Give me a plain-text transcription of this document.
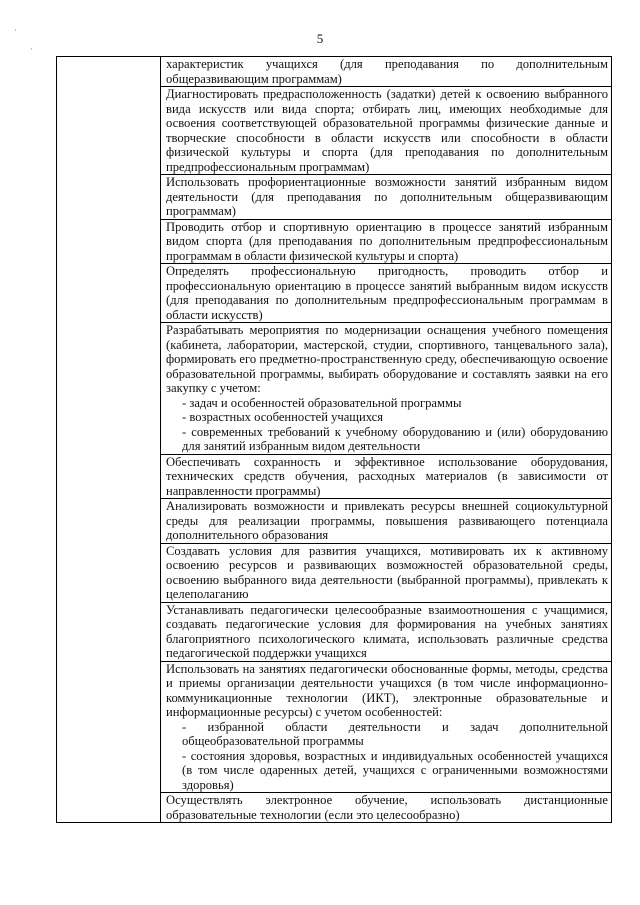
·
·
5
	характеристик учащихся (для преподавания по дополнительным общеразвивающим программам)
Диагностировать предрасположенность (задатки) детей к освоению выбранного вида искусств или вида спорта; отбирать лиц, имеющих необходимые для освоения соответствующей образовательной программы физические данные и творческие способности в области искусств или способности в области физической культуры и спорта (для преподавания по дополнительным предпрофессиональным программам)
Использовать профориентационные возможности занятий избранным видом деятельности (для преподавания по дополнительным общеразвивающим программам)
Проводить отбор и спортивную ориентацию в процессе занятий избранным видом спорта (для преподавания по дополнительным предпрофессиональным программам в области физической культуры и спорта)
Определять профессиональную пригодность, проводить отбор и профессиональную ориентацию в процессе занятий выбранным видом искусств (для преподавания по дополнительным предпрофессиональным программам в области искусств)
Разрабатывать мероприятия по модернизации оснащения учебного помещения (кабинета, лаборатории, мастерской, студии, спортивного, танцевального зала), формировать его предметно-пространственную среду, обеспечивающую освоение образовательной программы, выбирать оборудование и составлять заявки на его закупку с учетом:
- задач и особенностей образовательной программы
- возрастных особенностей учащихся
- современных требований к учебному оборудованию и (или) оборудованию для занятий избранным видом деятельности

Обеспечивать сохранность и эффективное использование оборудования, технических средств обучения, расходных материалов (в зависимости от направленности программы)
Анализировать возможности и привлекать ресурсы внешней социокультурной среды для реализации программы, повышения развивающего потенциала дополнительного образования
Создавать условия для развития учащихся, мотивировать их к активному освоению ресурсов и развивающих возможностей образовательной среды, освоению выбранного вида деятельности (выбранной программы), привлекать к целеполаганию
Устанавливать педагогически целесообразные взаимоотношения с учащимися, создавать педагогические условия для формирования на учебных занятиях благоприятного психологического климата, использовать различные средства педагогической поддержки учащихся
Использовать на занятиях педагогически обоснованные формы, методы, средства и приемы организации деятельности учащихся (в том числе информационно-коммуникационные технологии (ИКТ), электронные образовательные и информационные ресурсы) с учетом особенностей:
- избранной области деятельности и задач дополнительной общеобразовательной программы
- состояния здоровья, возрастных и индивидуальных особенностей учащихся (в том числе одаренных детей, учащихся с ограниченными возможностями здоровья)

Осуществлять электронное обучение, использовать дистанционные образовательные технологии (если это целесообразно)
